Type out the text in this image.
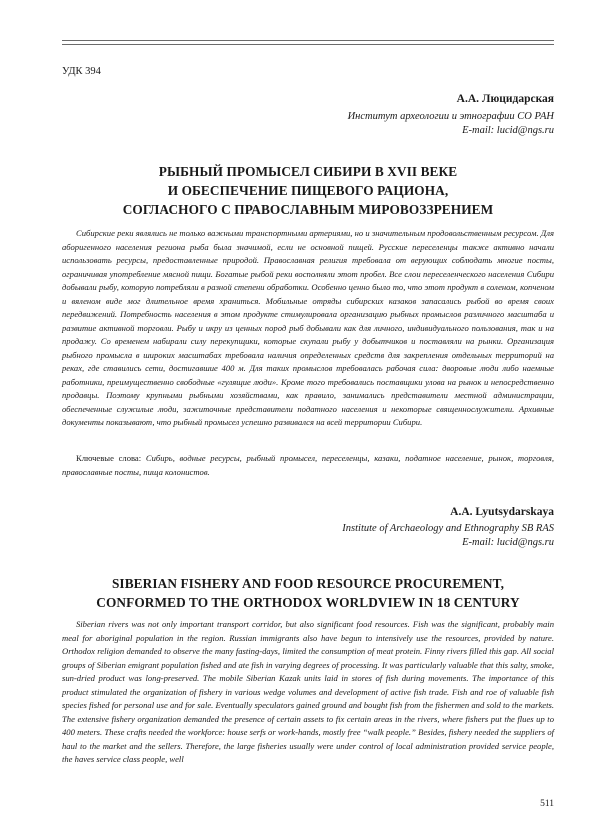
УДК 394
А.А. Люцидарская
Институт археологии и этнографии СО РАН
E-mail: lucid@ngs.ru
РЫБНЫЙ ПРОМЫСЕЛ СИБИРИ В XVII ВЕКЕ
И ОБЕСПЕЧЕНИЕ ПИЩЕВОГО РАЦИОНА,
СОГЛАСНОГО С ПРАВОСЛАВНЫМ МИРОВОЗЗРЕНИЕМ

Сибирские реки являлись не только важными транспортными артериями, но и значительным продовольственным ресурсом. Для аборигенного населения региона рыба была значимой, если не основной пищей. Русские переселенцы также активно начали использовать ресурсы, предоставленные природой. Православная религия требовала от верующих соблюдать многие посты, ограничивая употребление мясной пищи. Богатые рыбой реки восполняли этот пробел. Все слои переселенческого населения Сибири добывали рыбу, которую потребляли в разной степени обработки. Особенно ценно было то, что этот продукт в соленом, копченом и вяленом виде мог длительное время храниться. Мобильные отряды сибирских казаков запасались рыбой во время своих передвижений. Потребность населения в этом продукте стимулировала организацию рыбных промыслов различного масштаба и развитие активной торговли. Рыбу и икру из ценных пород рыб добывали как для личного, индивидуального пользования, так и на продажу. Со временем набирали силу перекупщики, которые скупали рыбу у добытчиков и поставляли на рынки. Организация рыбного промысла в широких масштабах требовала наличия определенных средств для закрепления отдельных территорий на реках, где ставились сети, достигавшие 400 м. Для таких промыслов требовалась рабочая сила: дворовые люди либо наемные работники, преимущественно свободные «гулящие люди». Кроме того требовались поставщики улова на рынок и непосредственно продавцы. Поэтому крупными рыбными хозяйствами, как правило, занимались представители местной администрации, обеспеченные служилые люди, зажиточные представители податного населения и некоторые священнослужители. Архивные документы показывают, что рыбный промысел успешно развивался на всей территории Сибири.

Ключевые слова: Сибирь, водные ресурсы, рыбный промысел, переселенцы, казаки, податное население, рынок, торговля, православные посты, пища колонистов.

A.A. Lyutsydarskaya
Institute of Archaeology and Ethnography SB RAS
E-mail: lucid@ngs.ru
SIBERIAN FISHERY AND FOOD RESOURCE PROCUREMENT,
CONFORMED TO THE ORTHODOX WORLDVIEW IN 18 CENTURY

Siberian rivers was not only important transport corridor, but also significant food resources. Fish was the significant, probably main meal for aboriginal population in the region. Russian immigrants also have begun to intensively use the resources, provided by nature. Orthodox religion demanded to observe the many fasting-days, limited the consumption of meat protein. Finny rivers filled this gap. All social groups of Siberian emigrant population fished and ate fish in varying degrees of processing. It was particularly valuable that this salty, smoke, sun-dried product was long-preserved. The mobile Siberian Kazak units laid in stores of fish during movements. The importance of this product stimulated the organization of fishery in various wedge volumes and development of active fish trade. Fish and roe of valuable fish species fished for personal use and for sale. Eventually speculators gained ground and bought fish from the fishermen and sold to the markets. The extensive fishery organization demanded the presence of certain assets to fix certain areas in the rivers, where fishers put the flues up to 400 meters. These crafts needed the workforce: house serfs or work-hands, mostly free “walk people.” Besides, fishery needed the suppliers of haul to the market and the sellers. Therefore, the large fisheries usually were under control of local administration provided service people, the haves service class people, well

511
